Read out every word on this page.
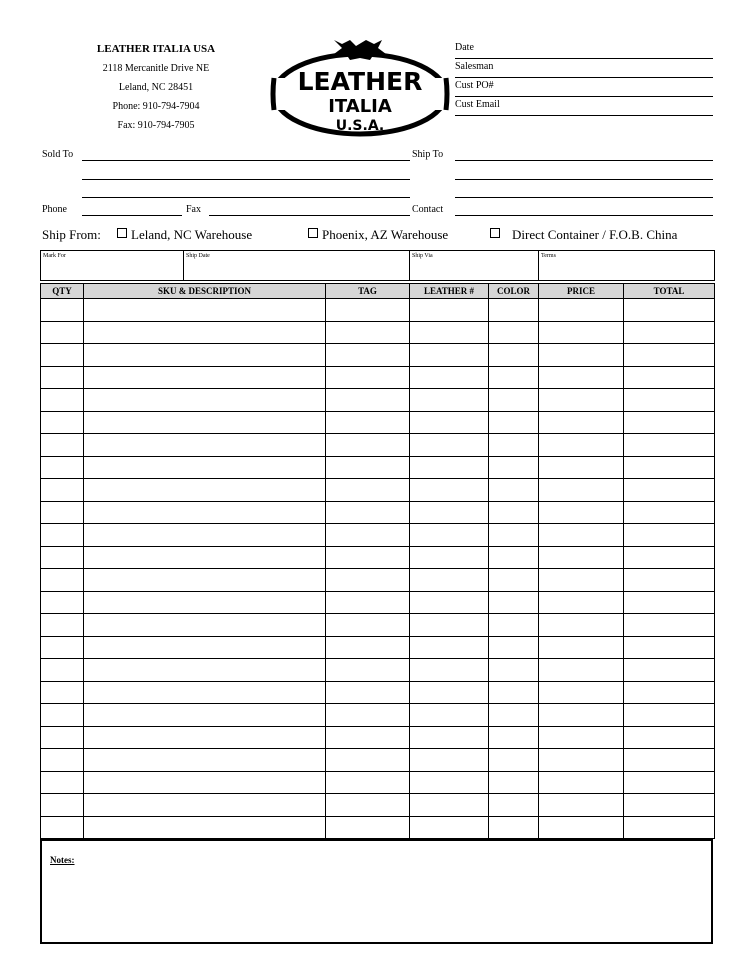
LEATHER ITALIA USA
2118 Mercanitle Drive NE
Leland, NC 28451
Phone: 910-794-7904
Fax: 910-794-7905
LEATHER
ITALIA
U.S.A.
Date
Salesman
Cust PO#
Cust Email
Sold To	Ship To
Phone	Fax	Contact
Ship From:	Leland, NC Warehouse	Phoenix, AZ Warehouse	Direct Container / F.O.B. China
Mark For	Ship Date	Ship Via	Terms
QTY	SKU & DESCRIPTION	TAG	LEATHER #	COLOR	PRICE	TOTAL

Notes:
